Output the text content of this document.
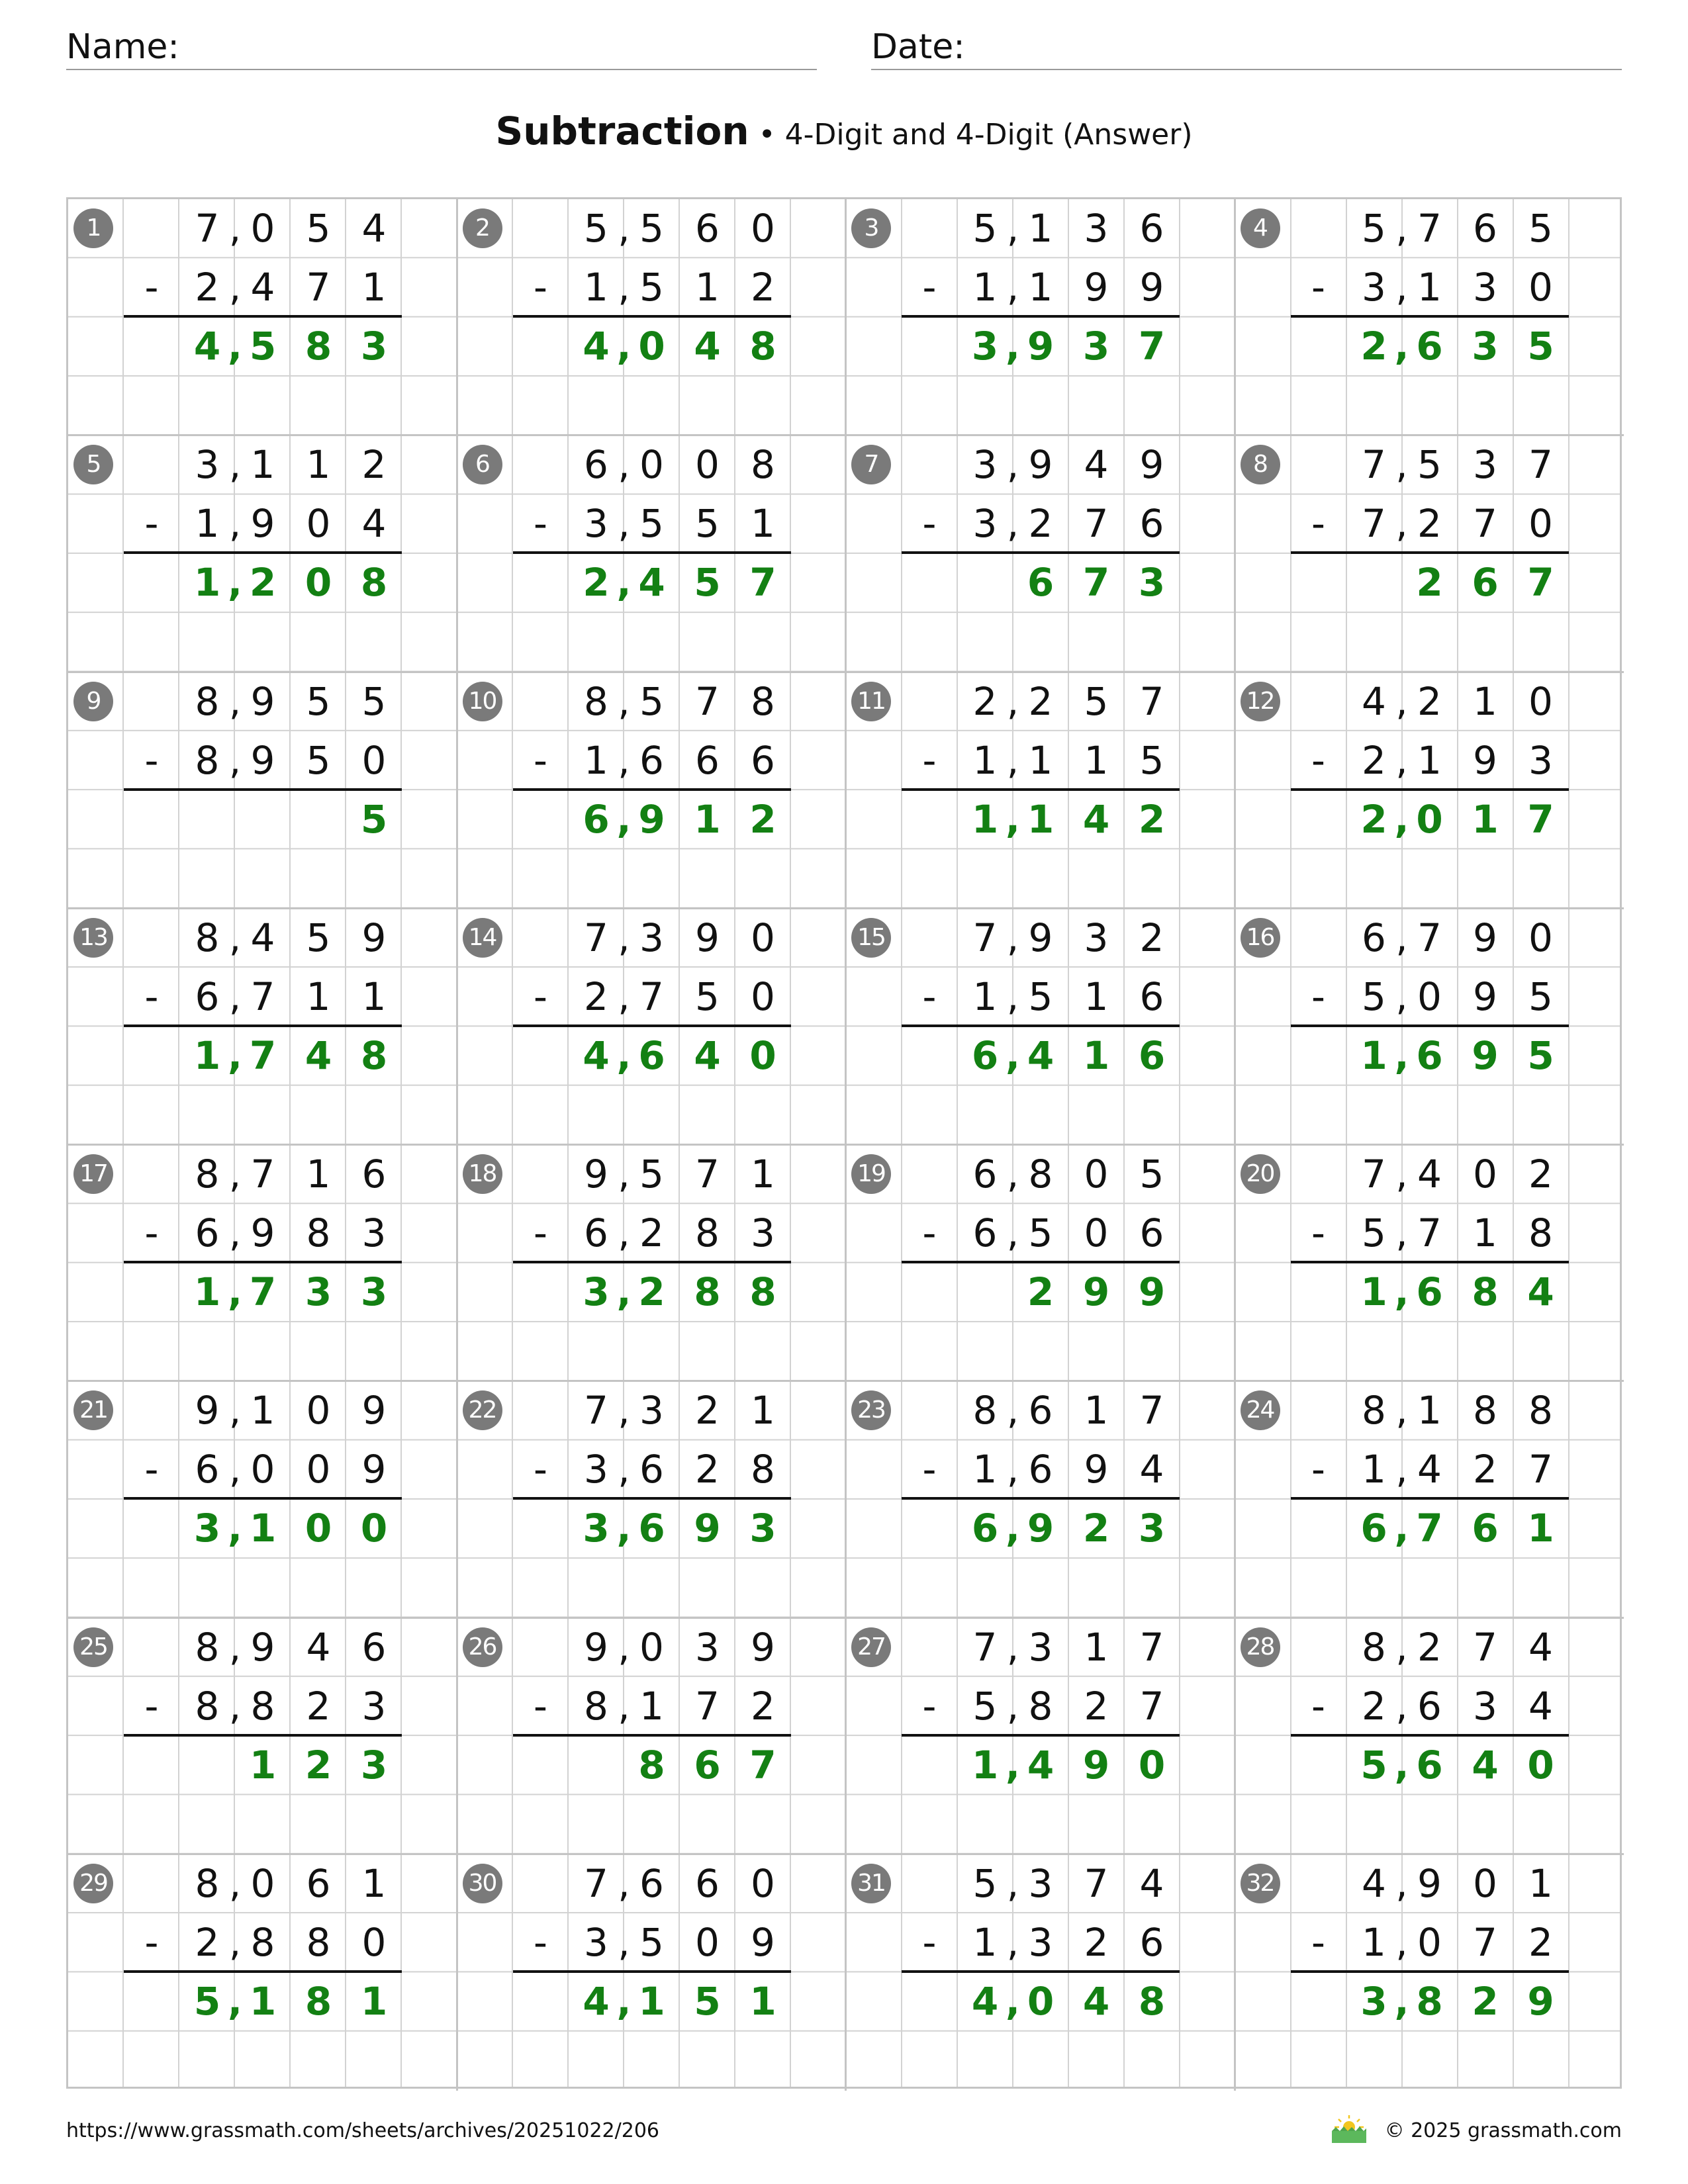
Name:	Date:
Subtraction • 4-Digit and 4-Digit (Answer)
1	7 0 5 4
,
2 4 7 1
,
-
4 5 8 3
,
2	5 5 6 0
,
1 5 1 2
,
-
4 0 4 8
,
3	5 1 3 6
,
1 1 9 9
,
-
3 9 3 7
,
4	5 7 6 5
,
3 1 3 0
,
-
2 6 3 5
,
5	3 1 1 2
,
1 9 0 4
,
-
1 2 0 8
,
6	6 0 0 8
,
3 5 5 1
,
-
2 4 5 7
,
7	3 9 4 9
,
3 2 7 6
,
-
6 7 3
8	7 5 3 7
,
7 2 7 0
,
-
2 6 7
9	8 9 5 5
,
8 9 5 0
,
-
5
10	8 5 7 8
,
1 6 6 6
,
-
6 9 1 2
,
11	2 2 5 7
,
1 1 1 5
,
-
1 1 4 2
,
12	4 2 1 0
,
2 1 9 3
,
-
2 0 1 7
,
13	8 4 5 9
,
6 7 1 1
,
-
1 7 4 8
,
14	7 3 9 0
,
2 7 5 0
,
-
4 6 4 0
,
15	7 9 3 2
,
1 5 1 6
,
-
6 4 1 6
,
16	6 7 9 0
,
5 0 9 5
,
-
1 6 9 5
,
17	8 7 1 6
,
6 9 8 3
,
-
1 7 3 3
,
18	9 5 7 1
,
6 2 8 3
,
-
3 2 8 8
,
19	6 8 0 5
,
6 5 0 6
,
-
2 9 9
20	7 4 0 2
,
5 7 1 8
,
-
1 6 8 4
,
21	9 1 0 9
,
6 0 0 9
,
-
3 1 0 0
,
22	7 3 2 1
,
3 6 2 8
,
-
3 6 9 3
,
23	8 6 1 7
,
1 6 9 4
,
-
6 9 2 3
,
24	8 1 8 8
,
1 4 2 7
,
-
6 7 6 1
,
25	8 9 4 6
,
8 8 2 3
,
-
1 2 3
26	9 0 3 9
,
8 1 7 2
,
-
8 6 7
27	7 3 1 7
,
5 8 2 7
,
-
1 4 9 0
,
28	8 2 7 4
,
2 6 3 4
,
-
5 6 4 0
,
29	8 0 6 1
,
2 8 8 0
,
-
5 1 8 1
,
30	7 6 6 0
,
3 5 0 9
,
-
4 1 5 1
,
31	5 3 7 4
,
1 3 2 6
,
-
4 0 4 8
,
32	4 9 0 1
,
1 0 7 2
,
-
3 8 2 9
,
https://www.grassmath.com/sheets/archives/20251022/206	© 2025 grassmath.com
